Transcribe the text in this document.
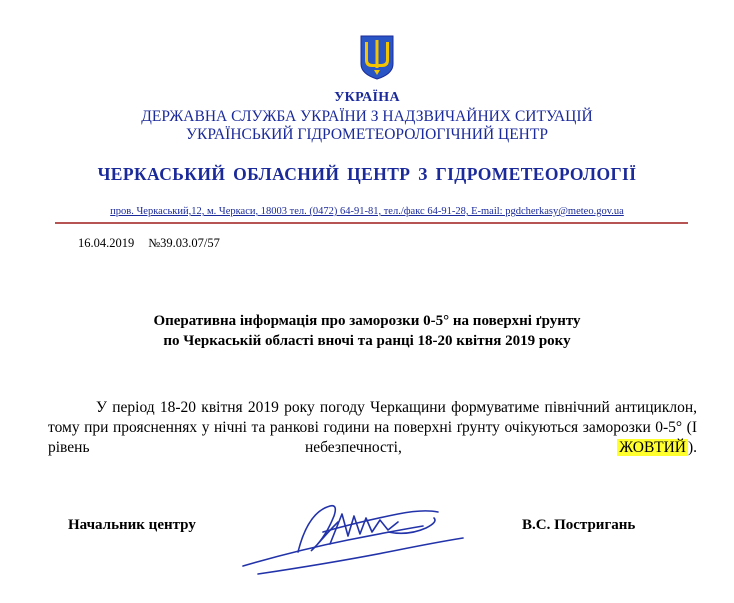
УКРАЇНА
ДЕРЖАВНА СЛУЖБА УКРАЇНИ З НАДЗВИЧАЙНИХ СИТУАЦІЙ
УКРАЇНСЬКИЙ ГІДРОМЕТЕОРОЛОГІЧНИЙ ЦЕНТР
ЧЕРКАСЬКИЙ ОБЛАСНИЙ ЦЕНТР З ГІДРОМЕТЕОРОЛОГІЇ
пров. Черкаський,12, м. Черкаси, 18003 тел. (0472) 64-91-81, тел./факс 64-91-28, E-mail: pgdcherkasy@meteo.gov.ua
16.04.2019 №39.03.07/57
Оперативна інформація про заморозки 0-5° на поверхні ґрунту
по Черкаській області вночі та ранці 18-20 квітня 2019 року

У період 18-20 квітня 2019 року погоду Черкащини формуватиме північний антициклон, тому при проясненнях у нічні та ранкові години на поверхні ґрунту очікуються заморозки 0-5° (І рівень небезпечності, ЖОВТИЙ ).

Начальник центру	В.С. Постригань
